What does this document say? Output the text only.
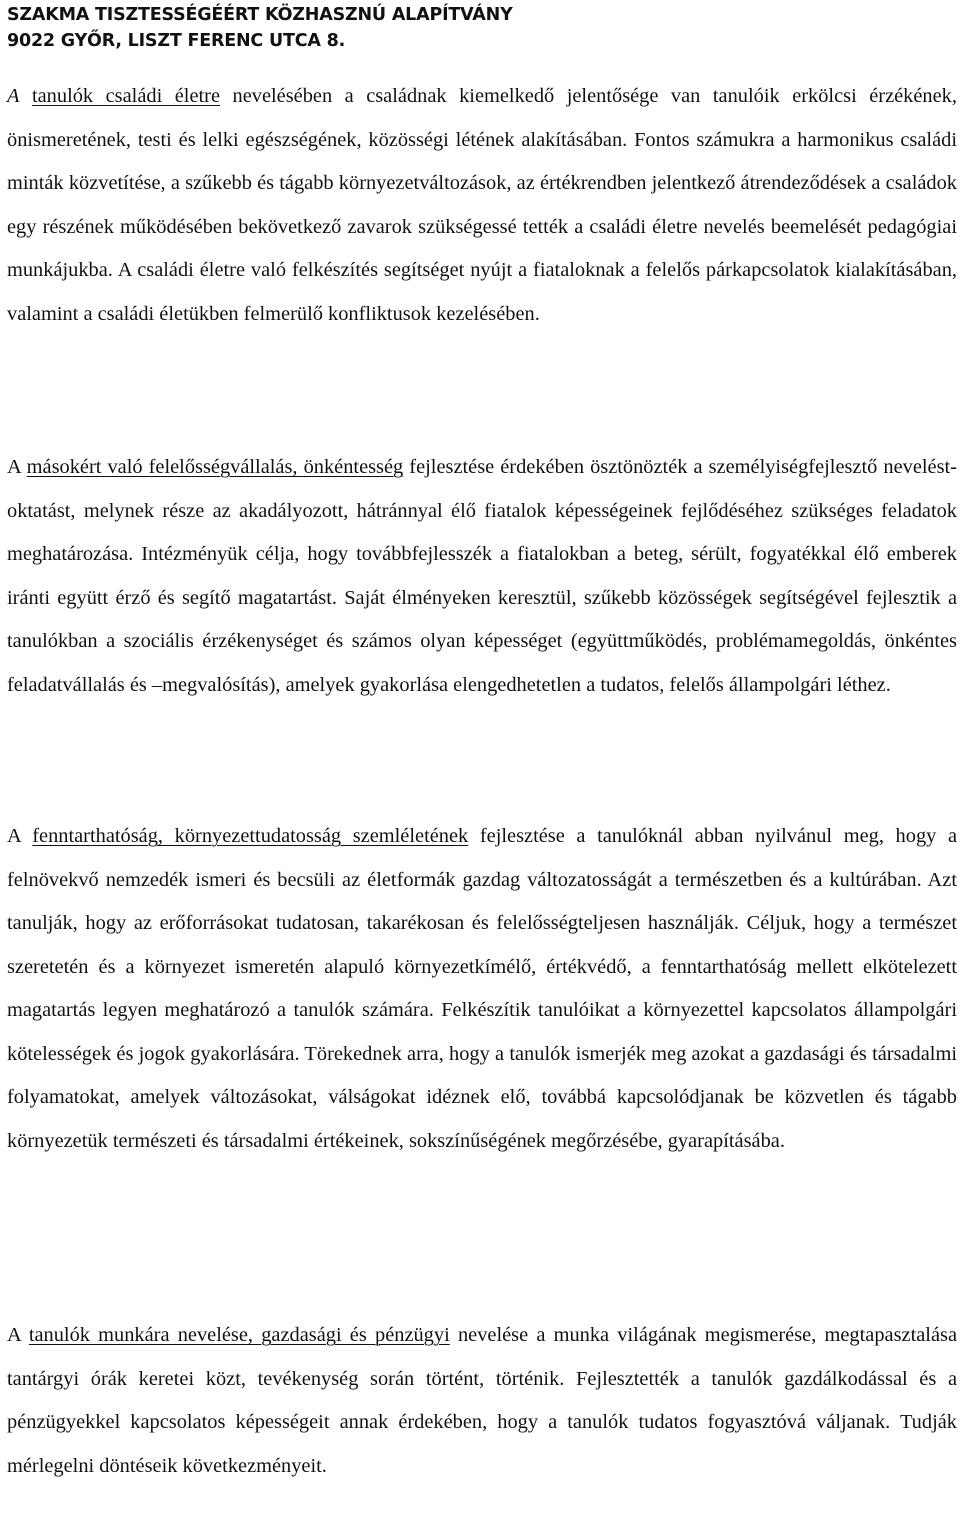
SZAKMA TISZTESSÉGÉÉRT KÖZHASZNÚ ALAPÍTVÁNY
9022 GYŐR, LISZT FERENC UTCA 8.

A tanulók családi életre nevelésében a családnak kiemelkedő jelentősége van tanulóik erkölcsi érzékének, önismeretének, testi és lelki egészségének, közösségi létének alakításában. Fontos számukra a harmonikus családi minták közvetítése, a szűkebb és tágabb környezetváltozások, az értékrendben jelentkező átrendeződések a családok egy részének működésében bekövetkező zavarok szükségessé tették a családi életre nevelés beemelését pedagógiai munkájukba. A családi életre való felkészítés segítséget nyújt a fiataloknak a felelős párkapcsolatok kialakításában, valamint a családi életükben felmerülő konfliktusok kezelésében.

A másokért való felelősségvállalás, önkéntesség fejlesztése érdekében ösztönözték a személyiségfejlesztő nevelést-oktatást, melynek része az akadályozott, hátránnyal élő fiatalok képességeinek fejlődéséhez szükséges feladatok meghatározása. Intézményük célja, hogy továbbfejlesszék a fiatalokban a beteg, sérült, fogyatékkal élő emberek iránti együtt érző és segítő magatartást. Saját élményeken keresztül, szűkebb közösségek segítségével fejlesztik a tanulókban a szociális érzékenységet és számos olyan képességet (együttműködés, problémamegoldás, önkéntes feladatvállalás és –megvalósítás), amelyek gyakorlása elengedhetetlen a tudatos, felelős állampolgári léthez.

A fenntarthatóság, környezettudatosság szemléletének fejlesztése a tanulóknál abban nyilvánul meg, hogy a felnövekvő nemzedék ismeri és becsüli az életformák gazdag változatosságát a természetben és a kultúrában. Azt tanulják, hogy az erőforrásokat tudatosan, takarékosan és felelősségteljesen használják. Céljuk, hogy a természet szeretetén és a környezet ismeretén alapuló környezetkímélő, értékvédő, a fenntarthatóság mellett elkötelezett magatartás legyen meghatározó a tanulók számára. Felkészítik tanulóikat a környezettel kapcsolatos állampolgári kötelességek és jogok gyakorlására. Törekednek arra, hogy a tanulók ismerjék meg azokat a gazdasági és társadalmi folyamatokat, amelyek változásokat, válságokat idéznek elő, továbbá kapcsolódjanak be közvetlen és tágabb környezetük természeti és társadalmi értékeinek, sokszínűségének megőrzésébe, gyarapításába.

A tanulók munkára nevelése, gazdasági és pénzügyi nevelése a munka világának megismerése, megtapasztalása tantárgyi órák keretei közt, tevékenység során történt, történik. Fejlesztették a tanulók gazdálkodással és a pénzügyekkel kapcsolatos képességeit annak érdekében, hogy a tanulók tudatos fogyasztóvá váljanak. Tudják mérlegelni döntéseik következményeit.
